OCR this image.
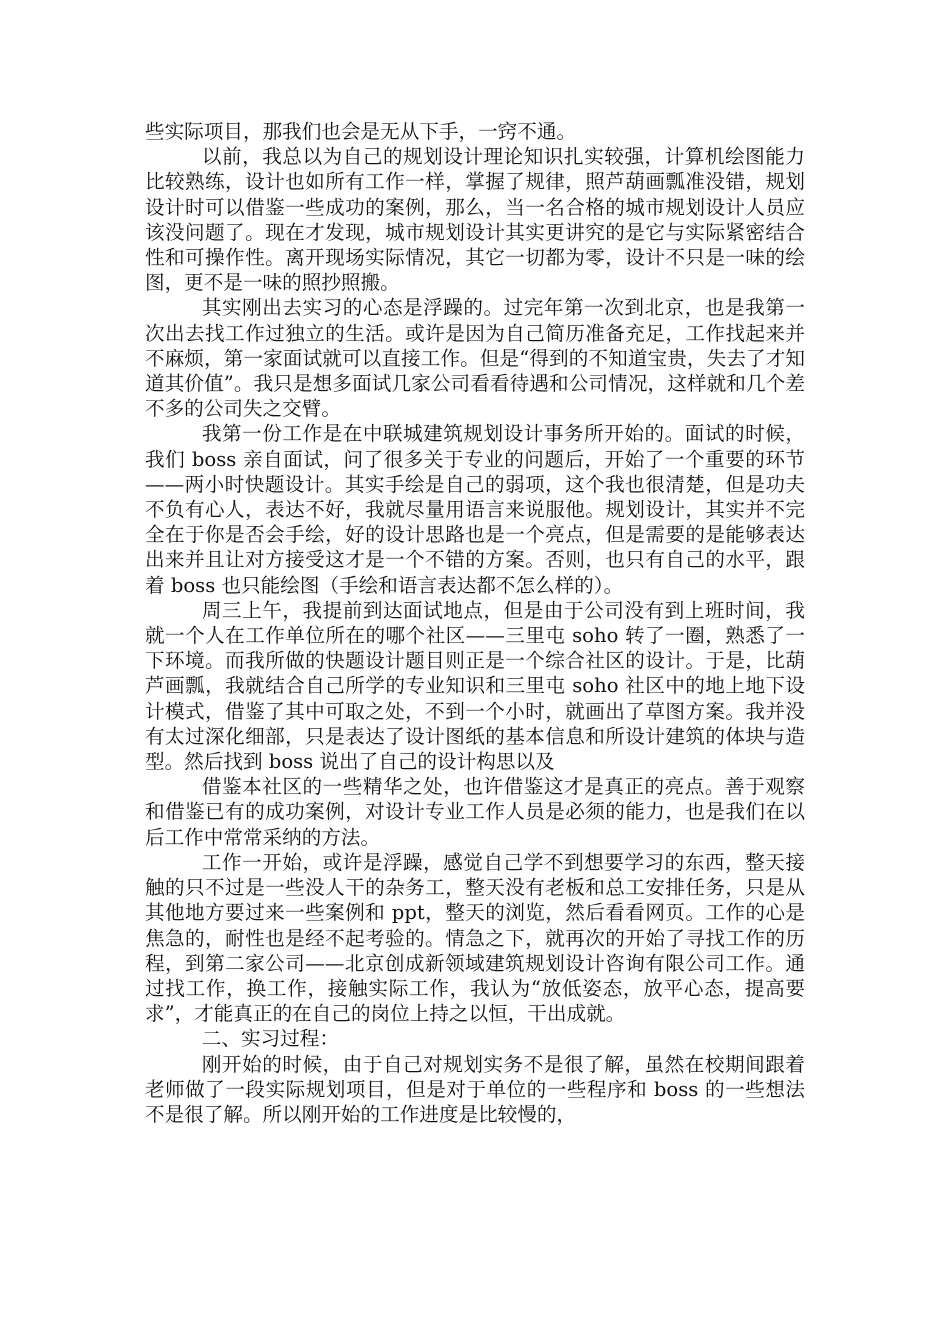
些实际项目，那我们也会是无从下手，一窍不通。

以前，我总以为自己的规划设计理论知识扎实较强，计算机绘图能力比较熟练，设计也如所有工作一样，掌握了规律，照芦葫画瓢准没错，规划设计时可以借鉴一些成功的案例，那么，当一名合格的城市规划设计人员应该没问题了。现在才发现，城市规划设计其实更讲究的是它与实际紧密结合性和可操作性。离开现场实际情况，其它一切都为零，设计不只是一味的绘图，更不是一味的照抄照搬。

其实刚出去实习的心态是浮躁的。过完年第一次到北京，也是我第一次出去找工作过独立的生活。或许是因为自己简历准备充足，工作找起来并不麻烦，第一家面试就可以直接工作。但是“得到的不知道宝贵，失去了才知道其价值”。我只是想多面试几家公司看看待遇和公司情况，这样就和几个差不多的公司失之交臂。

我第一份工作是在中联城建筑规划设计事务所开始的。面试的时候，我们 boss 亲自面试，问了很多关于专业的问题后，开始了一个重要的环节——两小时快题设计。其实手绘是自己的弱项，这个我也很清楚，但是功夫不负有心人，表达不好，我就尽量用语言来说服他。规划设计，其实并不完全在于你是否会手绘，好的设计思路也是一个亮点，但是需要的是能够表达出来并且让对方接受这才是一个不错的方案。否则，也只有自己的水平，跟着 boss 也只能绘图（手绘和语言表达都不怎么样的）。

周三上午，我提前到达面试地点，但是由于公司没有到上班时间，我就一个人在工作单位所在的哪个社区——三里屯 soho 转了一圈，熟悉了一下环境。而我所做的快题设计题目则正是一个综合社区的设计。于是，比葫芦画瓢，我就结合自己所学的专业知识和三里屯 soho 社区中的地上地下设计模式，借鉴了其中可取之处，不到一个小时，就画出了草图方案。我并没有太过深化细部，只是表达了设计图纸的基本信息和所设计建筑的体块与造型。然后找到 boss 说出了自己的设计构思以及

借鉴本社区的一些精华之处，也许借鉴这才是真正的亮点。善于观察和借鉴已有的成功案例，对设计专业工作人员是必须的能力，也是我们在以后工作中常常采纳的方法。

工作一开始，或许是浮躁，感觉自己学不到想要学习的东西，整天接触的只不过是一些没人干的杂务工，整天没有老板和总工安排任务，只是从其他地方要过来一些案例和 ppt，整天的浏览，然后看看网页。工作的心是焦急的，耐性也是经不起考验的。情急之下，就再次的开始了寻找工作的历程，到第二家公司——北京创成新领域建筑规划设计咨询有限公司工作。通过找工作，换工作，接触实际工作，我认为“放低姿态，放平心态，提高要求”，才能真正的在自己的岗位上持之以恒，干出成就。

二、实习过程：

刚开始的时候，由于自己对规划实务不是很了解，虽然在校期间跟着老师做了一段实际规划项目，但是对于单位的一些程序和 boss 的一些想法不是很了解。所以刚开始的工作进度是比较慢的，
